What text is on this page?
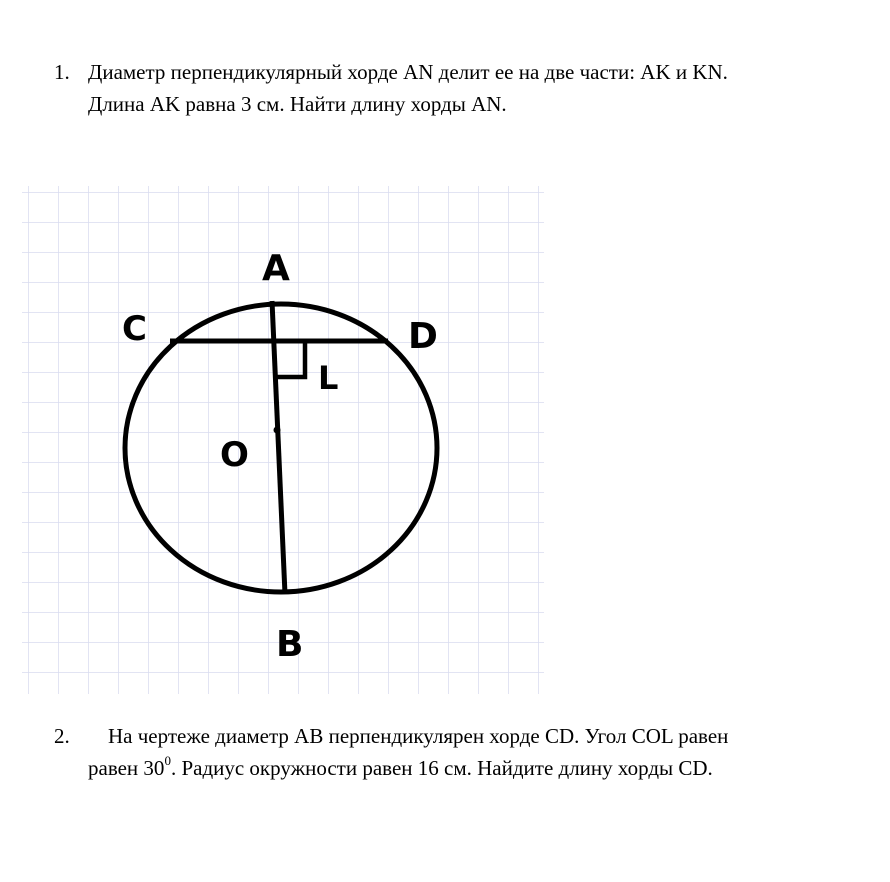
1. Диаметр перпендикулярный хорде AN делит ее на две части: AK и KN.
Длина AK равна 3 см. Найти длину хорды AN.
A
C	D
L
O
B
2.	На чертеже диаметр AB перпендикулярен хорде CD. Угол COL равен
равен $30^0$. Радиус окружности равен 16 см. Найдите длину хорды CD.
